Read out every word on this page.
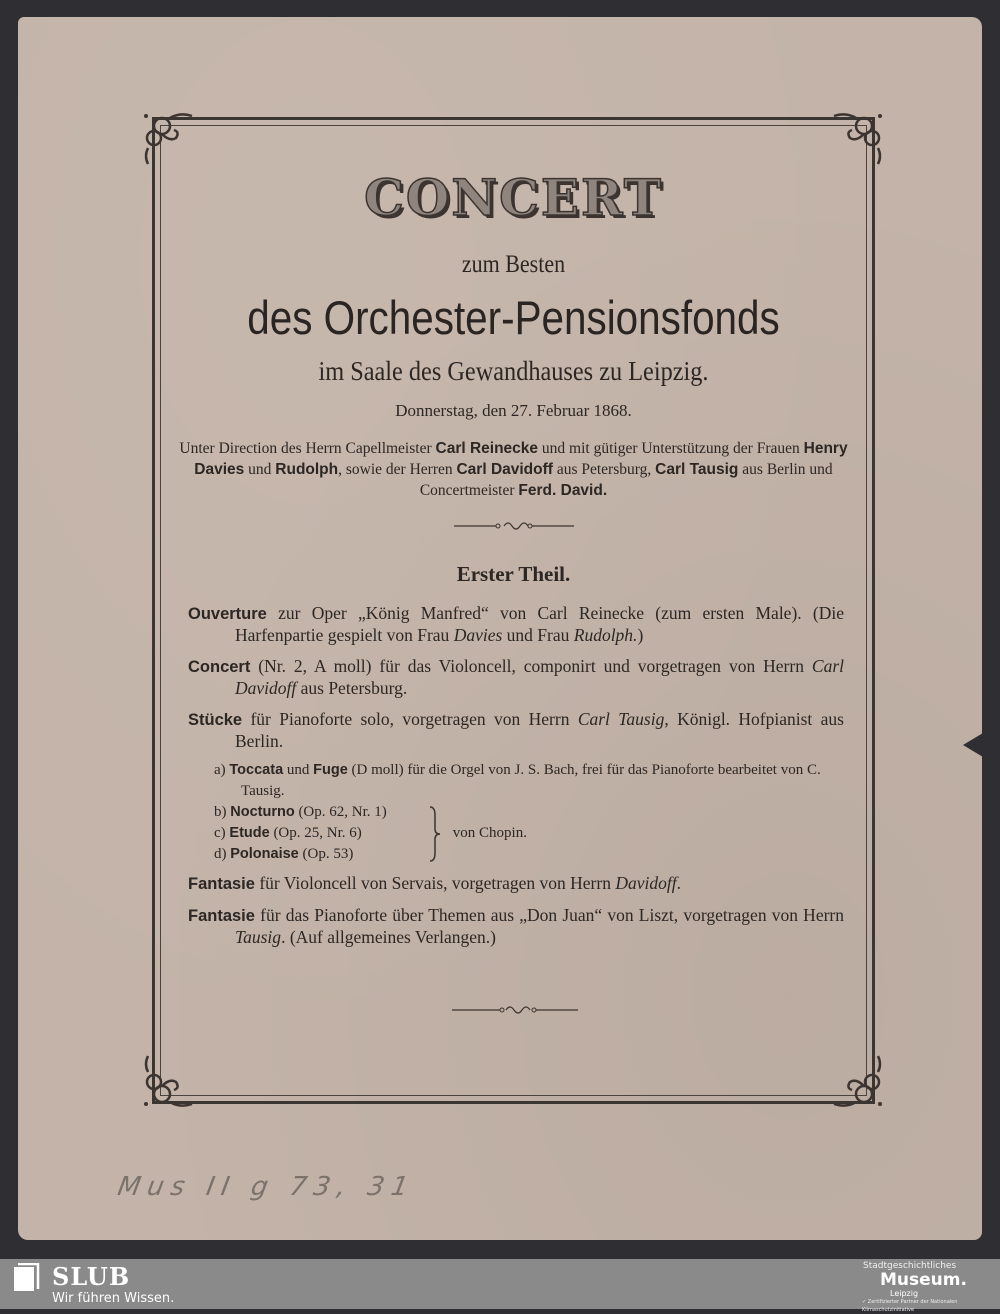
CONCERT
zum Besten
des Orchester-Pensionsfonds
im Saale des Gewandhauses zu Leipzig.
Donnerstag, den 27. Februar 1868.
Unter Direction des Herrn Capellmeister Carl Reinecke und mit gütiger Unterstützung der Frauen Henry Davies und Rudolph, sowie der Herren Carl Davidoff aus Petersburg, Carl Tausig aus Berlin und Concertmeister Ferd. David.
Erster Theil.
Ouverture zur Oper „König Manfred“ von Carl Reinecke (zum ersten Male). (Die Harfenpartie gespielt von Frau Davies und Frau Rudolph.)
Concert (Nr. 2, A moll) für das Violoncell, componirt und vorgetragen von Herrn Carl Davidoff aus Petersburg.
Stücke für Pianoforte solo, vorgetragen von Herrn Carl Tausig, Königl. Hofpianist aus Berlin.
a) Toccata und Fuge (D moll) für die Orgel von J. S. Bach, frei für das Pianoforte bearbeitet von C. Tausig.
b) Nocturno (Op. 62, Nr. 1)
c) Etude (Op. 25, Nr. 6)
d) Polonaise (Op. 53)
von Chopin.
Fantasie für Violoncell von Servais, vorgetragen von Herrn Davidoff.
Fantasie für das Pianoforte über Themen aus „Don Juan“ von Liszt, vorgetragen von Herrn Tausig. (Auf allgemeines Verlangen.)
Mus II g 73, 31
SLUB
Wir führen Wissen.
Stadtgeschichtliches
Museum.
Leipzig
✓ Zertifizierter Partner der Nationalen Klimaschutzinitiative
